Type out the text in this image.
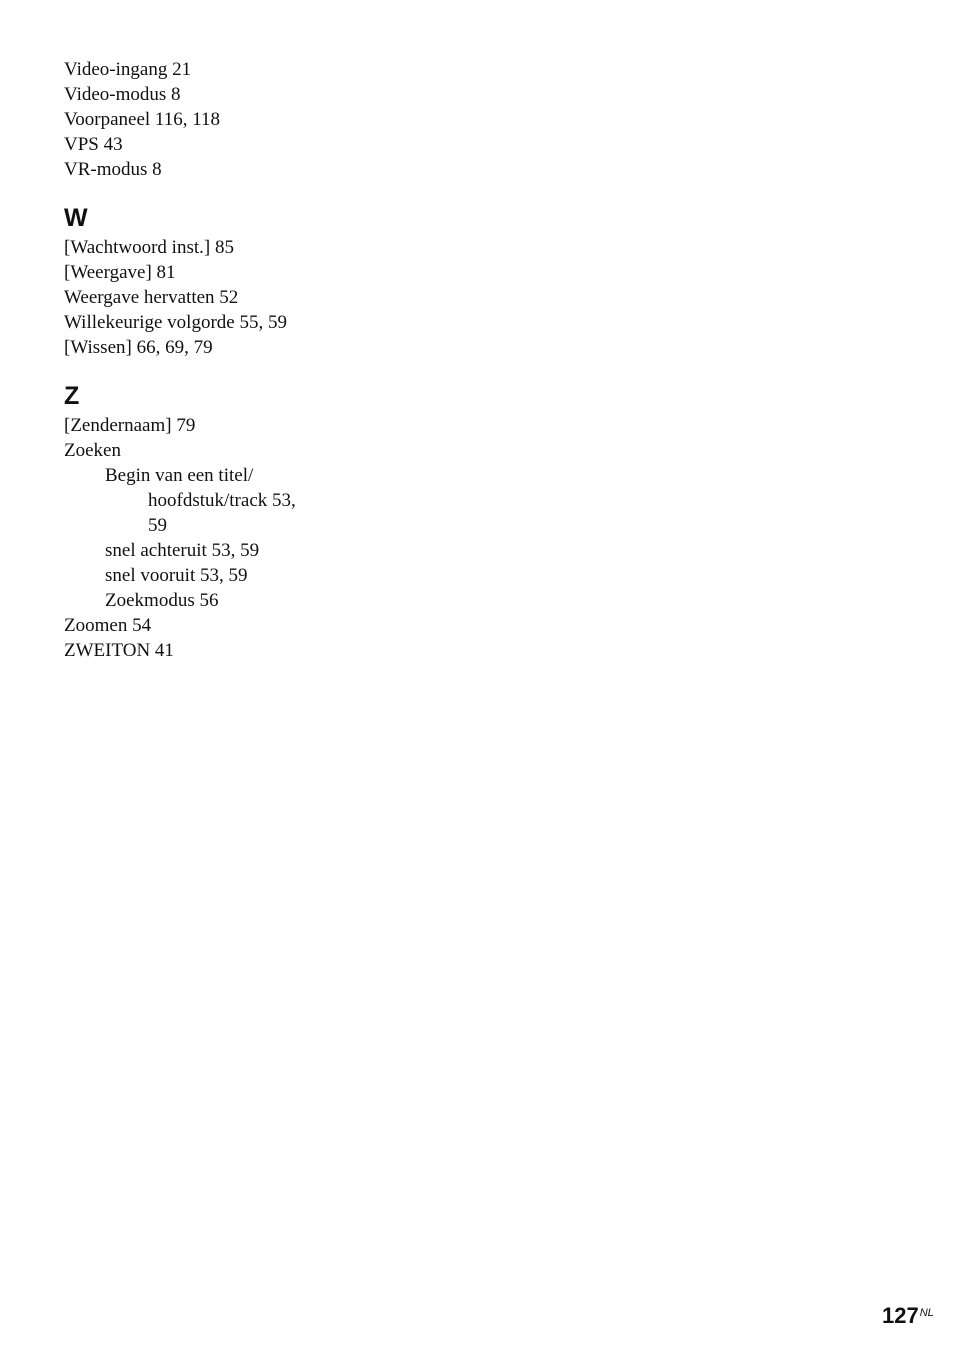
Video-ingang 21
Video-modus 8
Voorpaneel 116, 118
VPS 43
VR-modus 8
W
[Wachtwoord inst.] 85
[Weergave] 81
Weergave hervatten 52
Willekeurige volgorde 55, 59
[Wissen] 66, 69, 79
Z
[Zendernaam] 79
Zoeken
Begin van een titel/
hoofdstuk/track 53,
59
snel achteruit 53, 59
snel vooruit 53, 59
Zoekmodus 56
Zoomen 54
ZWEITON 41
$127^{NL}$
